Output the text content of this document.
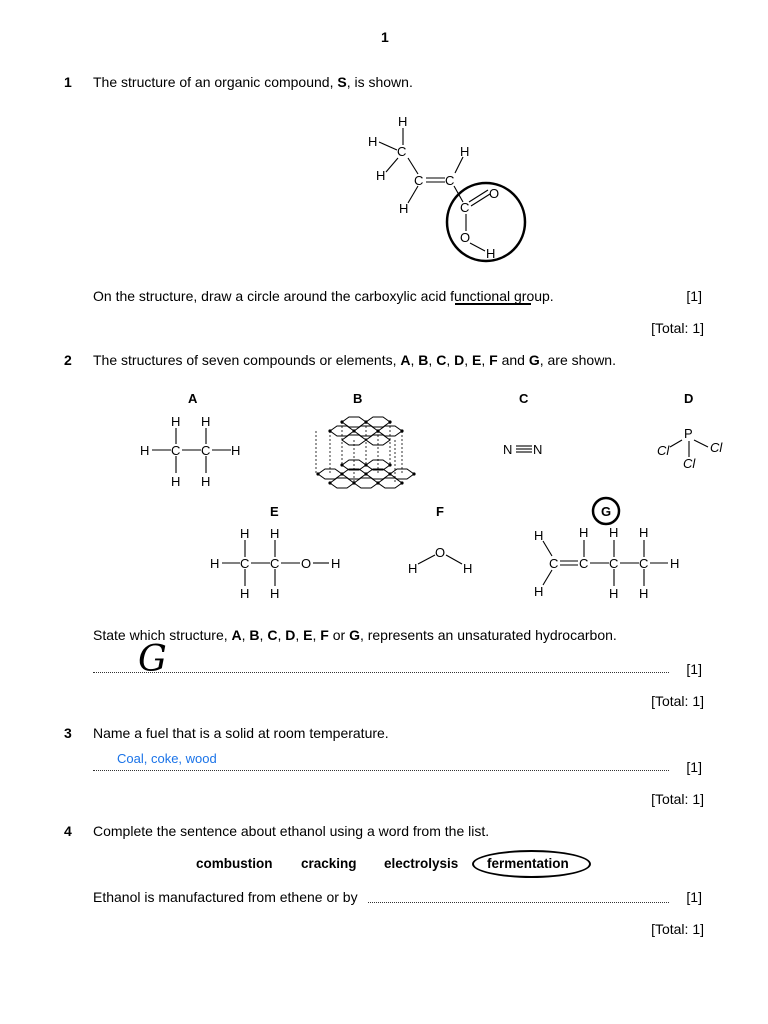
1
1 The structure of an organic compound, S, is shown.
H
H
C
H C C
H
H	C
O
O
H
On the structure, draw a circle around the carboxylic acid functional group.	[1]
[Total: 1]
2 The structures of seven compounds or elements, A, B, C, D, E, F and G, are shown.
A	B	C	D
E	F	G
H C C H
H H
H H
N N
P
Cl	Cl
Cl
H C C O H
H H
H H
O
H	H
H
H
C C C C H
H H H
H H
State which structure, A, B, C, D, E, F or G, represents an unsaturated hydrocarbon.
G	[1]
[Total: 1]
3 Name a fuel that is a solid at room temperature.
Coal, coke, wood
[1]
[Total: 1]
4 Complete the sentence about ethanol using a word from the list.
combustion cracking electrolysis fermentation
Ethanol is manufactured from ethene or by	[1]
[Total: 1]
